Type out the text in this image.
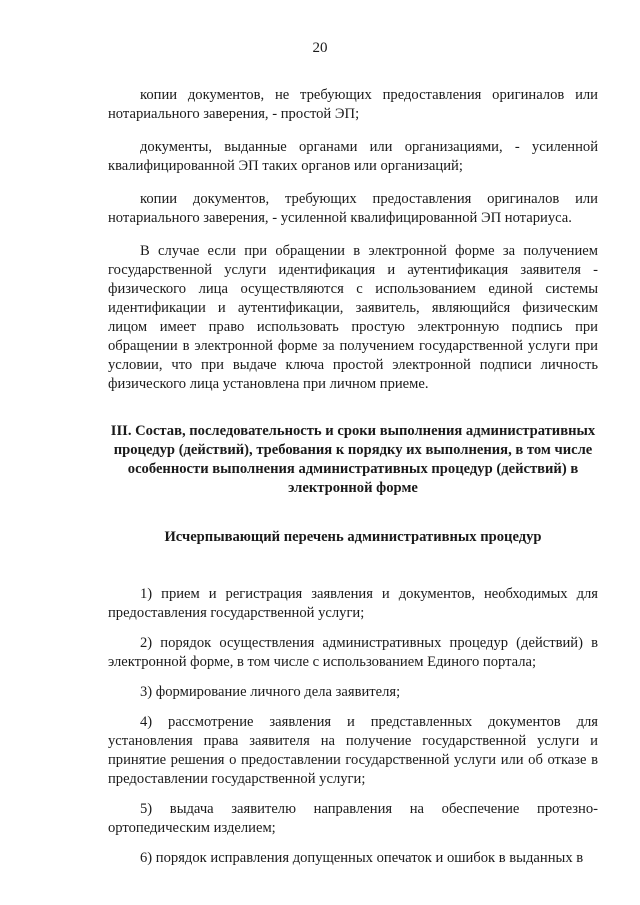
20

копии документов, не требующих предоставления оригиналов или нотариального заверения, - простой ЭП;

документы, выданные органами или организациями, - усиленной квалифицированной ЭП таких органов или организаций;

копии документов, требующих предоставления оригиналов или нотариального заверения, - усиленной квалифицированной ЭП нотариуса.

В случае если при обращении в электронной форме за получением государственной услуги идентификация и аутентификация заявителя - физического лица осуществляются с использованием единой системы идентификации и аутентификации, заявитель, являющийся физическим лицом имеет право использовать простую электронную подпись при обращении в электронной форме за получением государственной услуги при условии, что при выдаче ключа простой электронной подписи личность физического лица установлена при личном приеме.

III. Состав, последовательность и сроки выполнения административных процедур (действий), требования к порядку их выполнения, в том числе особенности выполнения административных процедур (действий) в электронной форме
Исчерпывающий перечень административных процедур

1) прием и регистрация заявления и документов, необходимых для предоставления государственной услуги;

2) порядок осуществления административных процедур (действий) в электронной форме, в том числе с использованием Единого портала;

3) формирование личного дела заявителя;

4) рассмотрение заявления и представленных документов для установления права заявителя на получение государственной услуги и принятие решения о предоставлении государственной услуги или об отказе в предоставлении государственной услуги;

5) выдача заявителю направления на обеспечение протезно-ортопедическим изделием;

6) порядок исправления допущенных опечаток и ошибок в выданных в
